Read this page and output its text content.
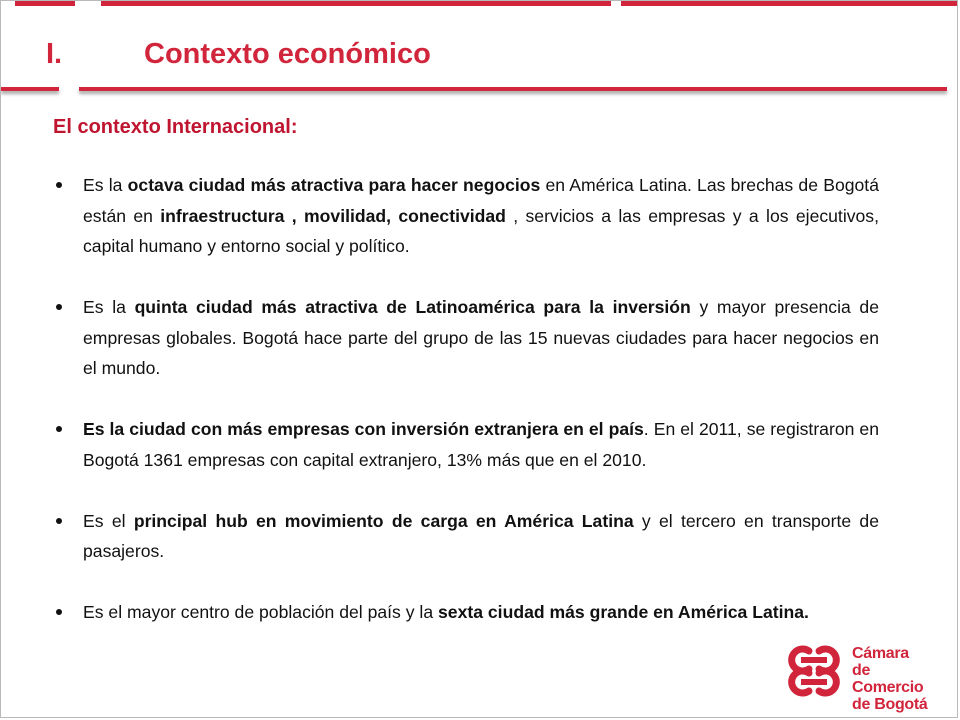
I.	Contexto económico
El contexto Internacional:
Es la octava ciudad más atractiva para hacer negocios en América Latina. Las brechas de Bogotá están en infraestructura , movilidad, conectividad , servicios a las empresas y a los ejecutivos, capital humano y entorno social y político.
Es la quinta ciudad más atractiva de Latinoamérica para la inversión y mayor presencia de empresas globales. Bogotá hace parte del grupo de las 15 nuevas ciudades para hacer negocios en el mundo.
Es la ciudad con más empresas con inversión extranjera en el país. En el 2011, se registraron en Bogotá 1361 empresas con capital extranjero, 13% más que en el 2010.
Es el principal hub en movimiento de carga en América Latina y el tercero en transporte de pasajeros.
Es el mayor centro de población del país y la sexta ciudad más grande en América Latina.
Cámara
de Comercio
de Bogotá
